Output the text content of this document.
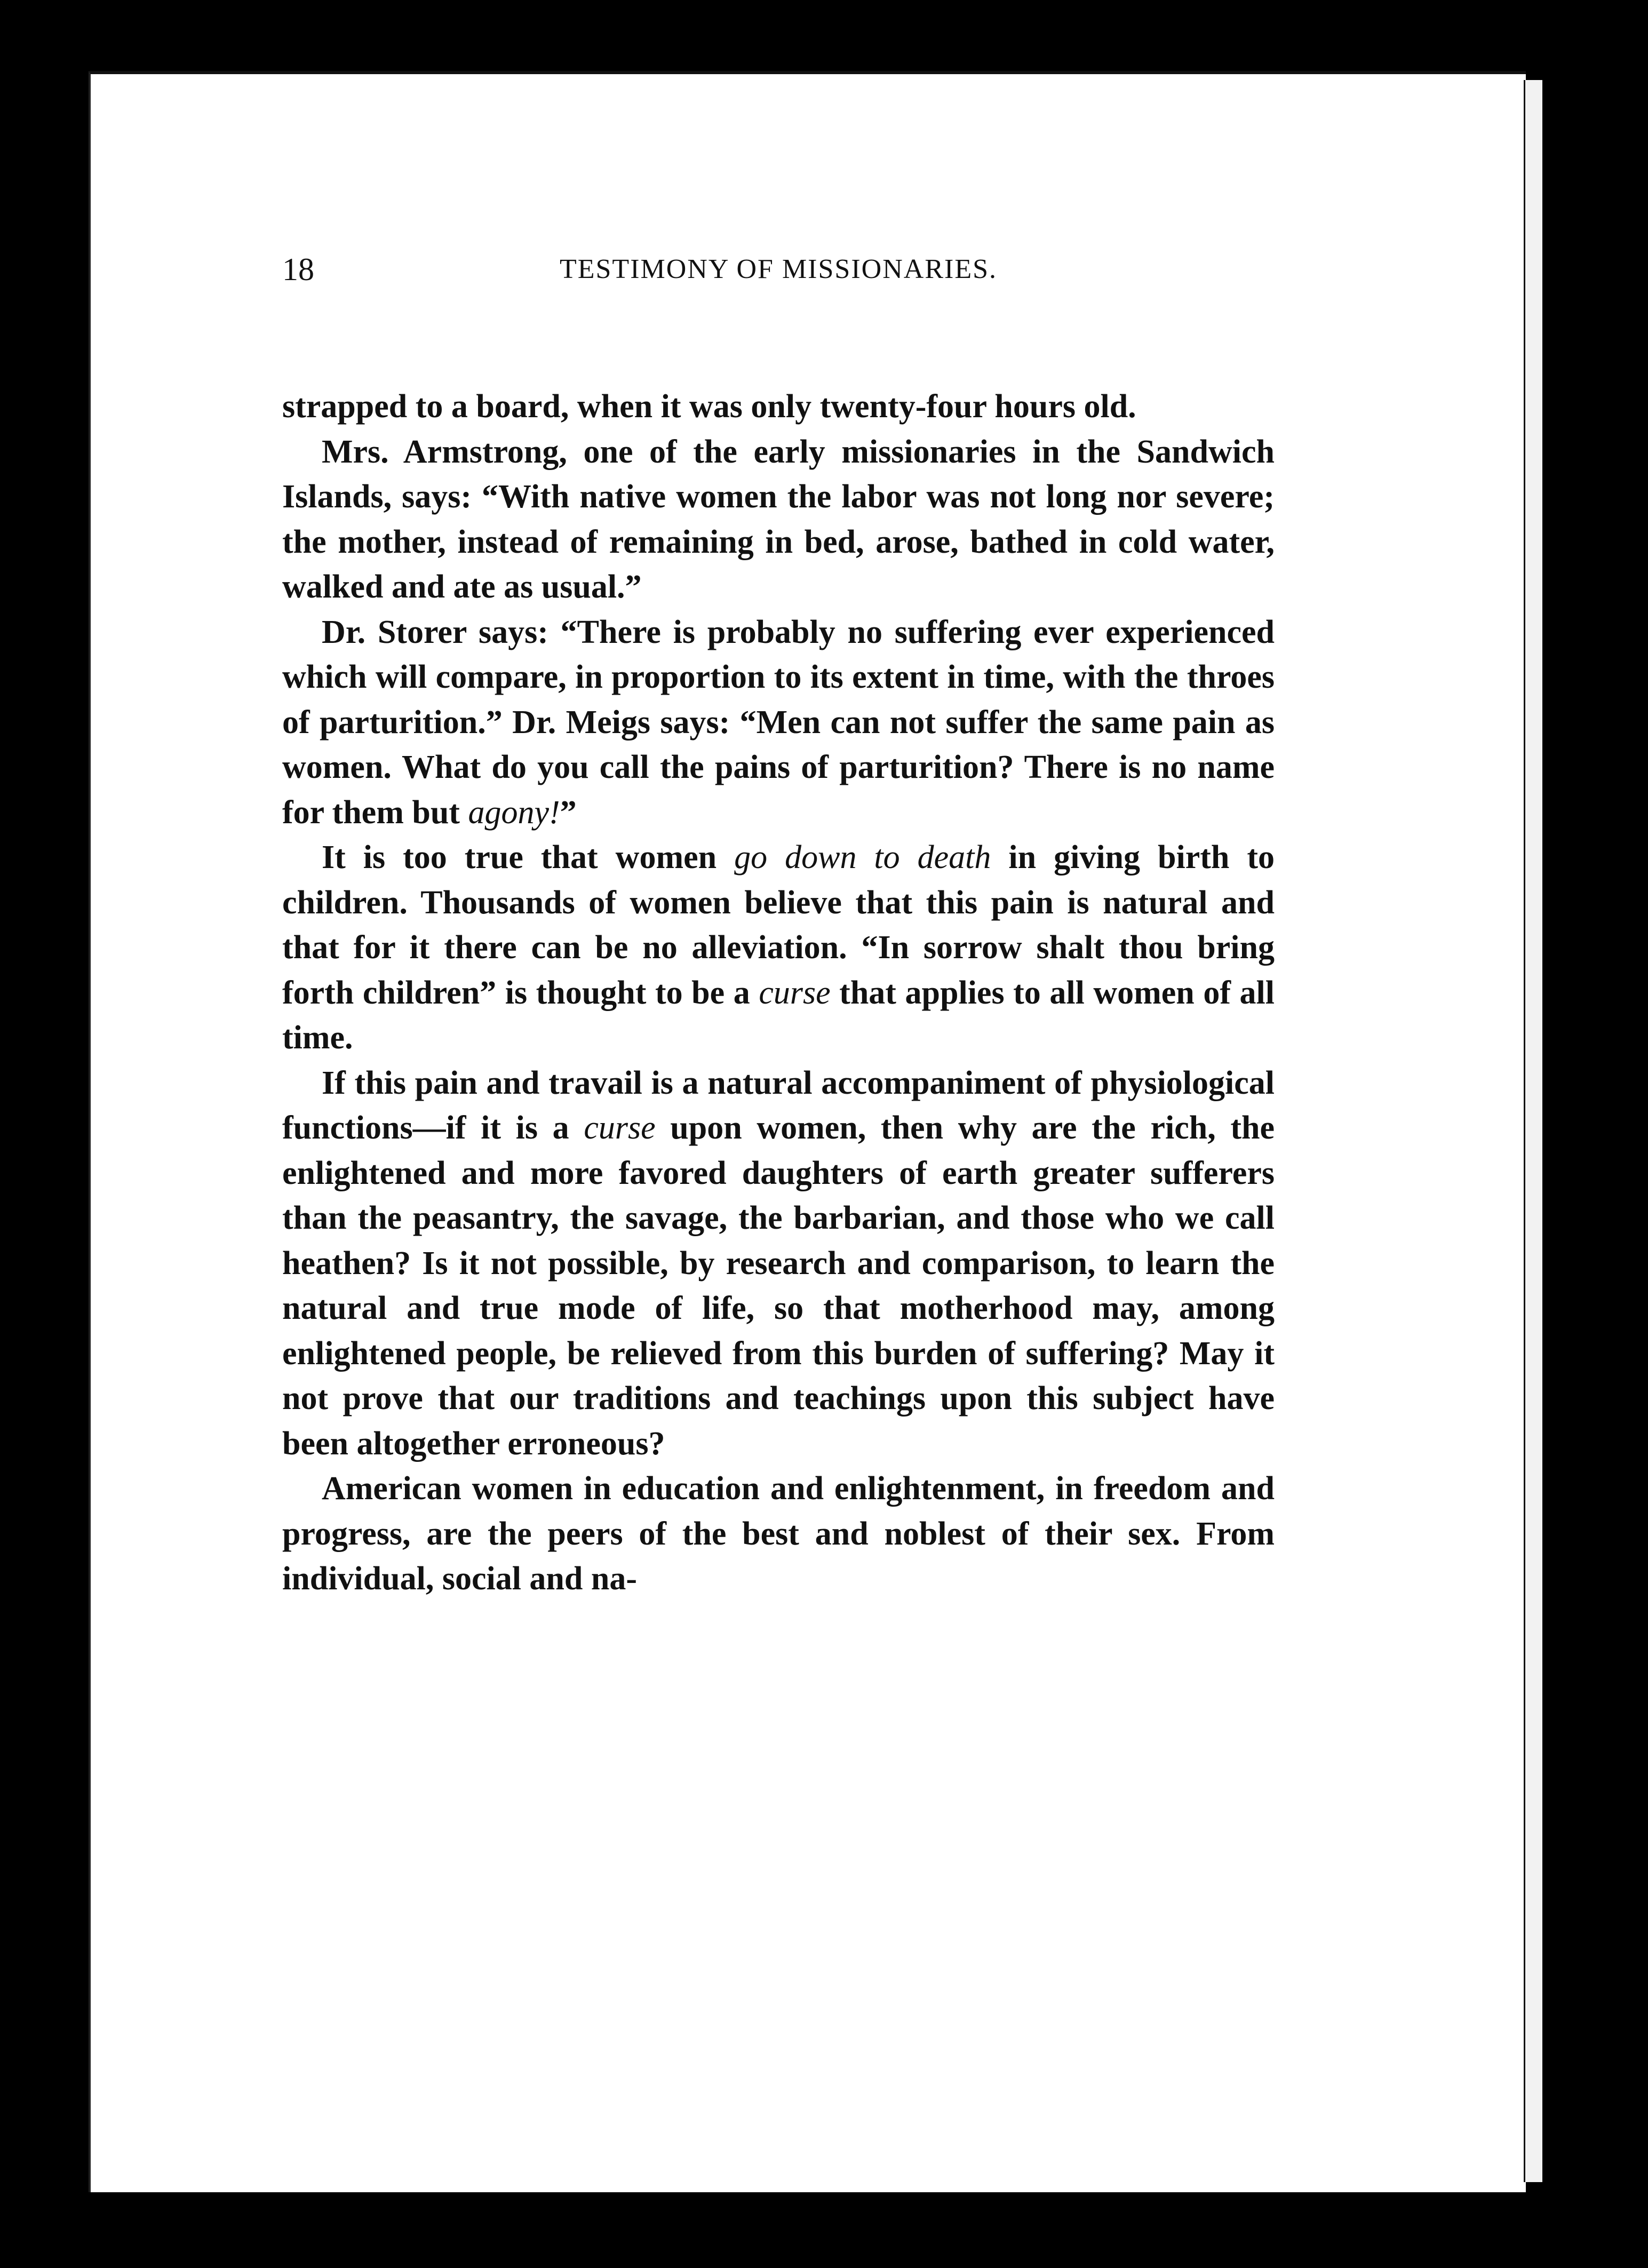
18	TESTIMONY OF MISSIONARIES.

strapped to a board, when it was only twenty-four hours old.

Mrs. Armstrong, one of the early missionaries in the Sandwich Islands, says: “With native women the labor was not long nor severe; the mother, instead of remaining in bed, arose, bathed in cold water, walked and ate as usual.”

Dr. Storer says: “There is probably no suffering ever experienced which will compare, in proportion to its extent in time, with the throes of parturition.” Dr. Meigs says: “Men can not suffer the same pain as women. What do you call the pains of parturition? There is no name for them but agony!”

It is too true that women go down to death in giving birth to children. Thousands of women believe that this pain is natural and that for it there can be no alleviation. “In sorrow shalt thou bring forth children” is thought to be a curse that applies to all women of all time.

If this pain and travail is a natural accompaniment of physiological functions—if it is a curse upon women, then why are the rich, the enlightened and more favored daughters of earth greater sufferers than the peasantry, the savage, the barbarian, and those who we call heathen? Is it not possible, by research and comparison, to learn the natural and true mode of life, so that motherhood may, among enlightened people, be relieved from this burden of suffering? May it not prove that our traditions and teachings upon this subject have been altogether erroneous?

American women in education and enlightenment, in freedom and progress, are the peers of the best and noblest of their sex. From individual, social and na-
